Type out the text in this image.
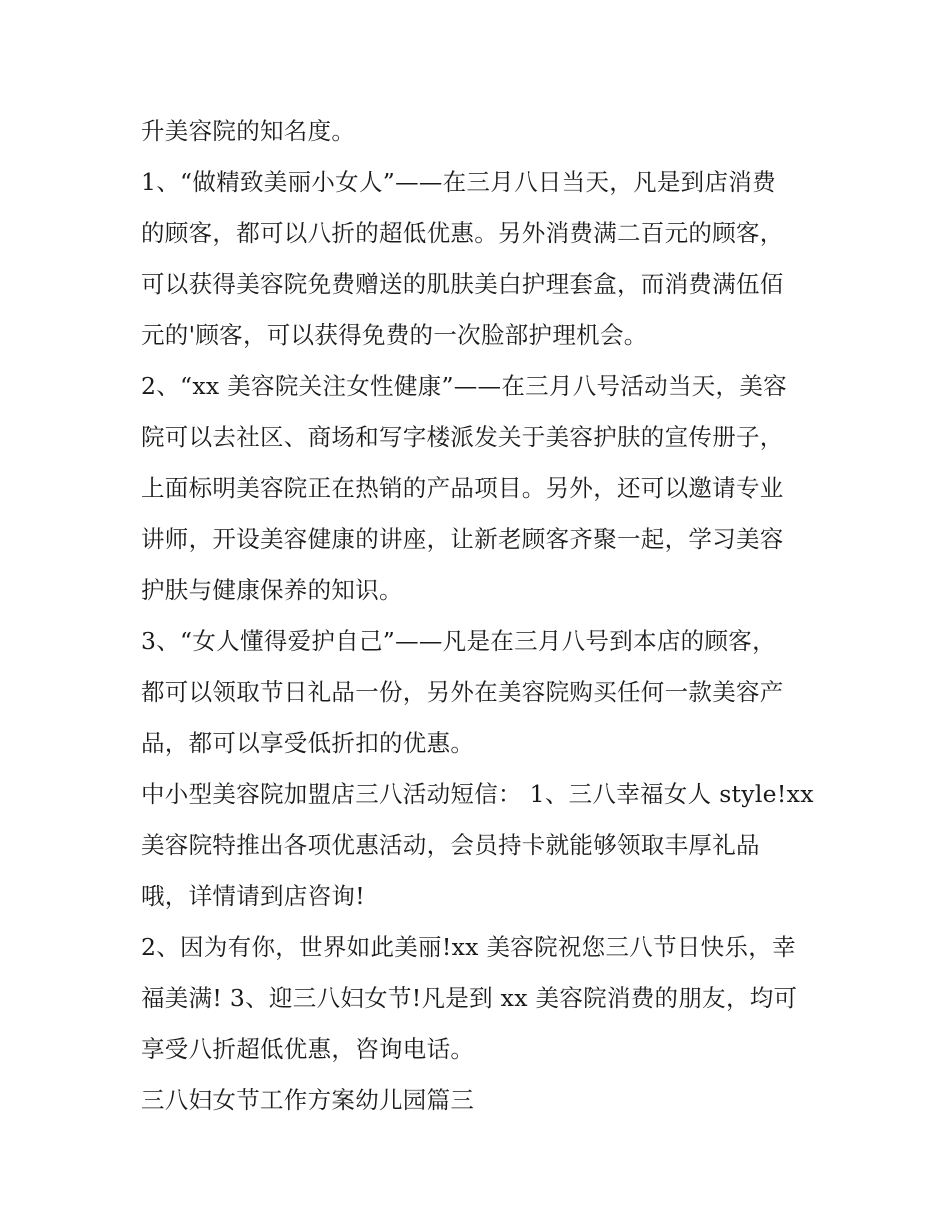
升美容院的知名度。

1、“做精致美丽小女人”——在三月八日当天，凡是到店消费

的顾客，都可以八折的超低优惠。另外消费满二百元的顾客，

可以获得美容院免费赠送的肌肤美白护理套盒，而消费满伍佰

元的'顾客，可以获得免费的一次脸部护理机会。

2、“xx 美容院关注女性健康”——在三月八号活动当天，美容

院可以去社区、商场和写字楼派发关于美容护肤的宣传册子，

上面标明美容院正在热销的产品项目。另外，还可以邀请专业

讲师，开设美容健康的讲座，让新老顾客齐聚一起，学习美容

护肤与健康保养的知识。

3、“女人懂得爱护自己”——凡是在三月八号到本店的顾客，

都可以领取节日礼品一份，另外在美容院购买任何一款美容产

品，都可以享受低折扣的优惠。

中小型美容院加盟店三八活动短信： 1、三八幸福女人 style!xx

美容院特推出各项优惠活动，会员持卡就能够领取丰厚礼品

哦，详情请到店咨询!

2、因为有你，世界如此美丽!xx 美容院祝您三八节日快乐，幸

福美满! 3、迎三八妇女节!凡是到 xx 美容院消费的朋友，均可

享受八折超低优惠，咨询电话。

三八妇女节工作方案幼儿园篇三
